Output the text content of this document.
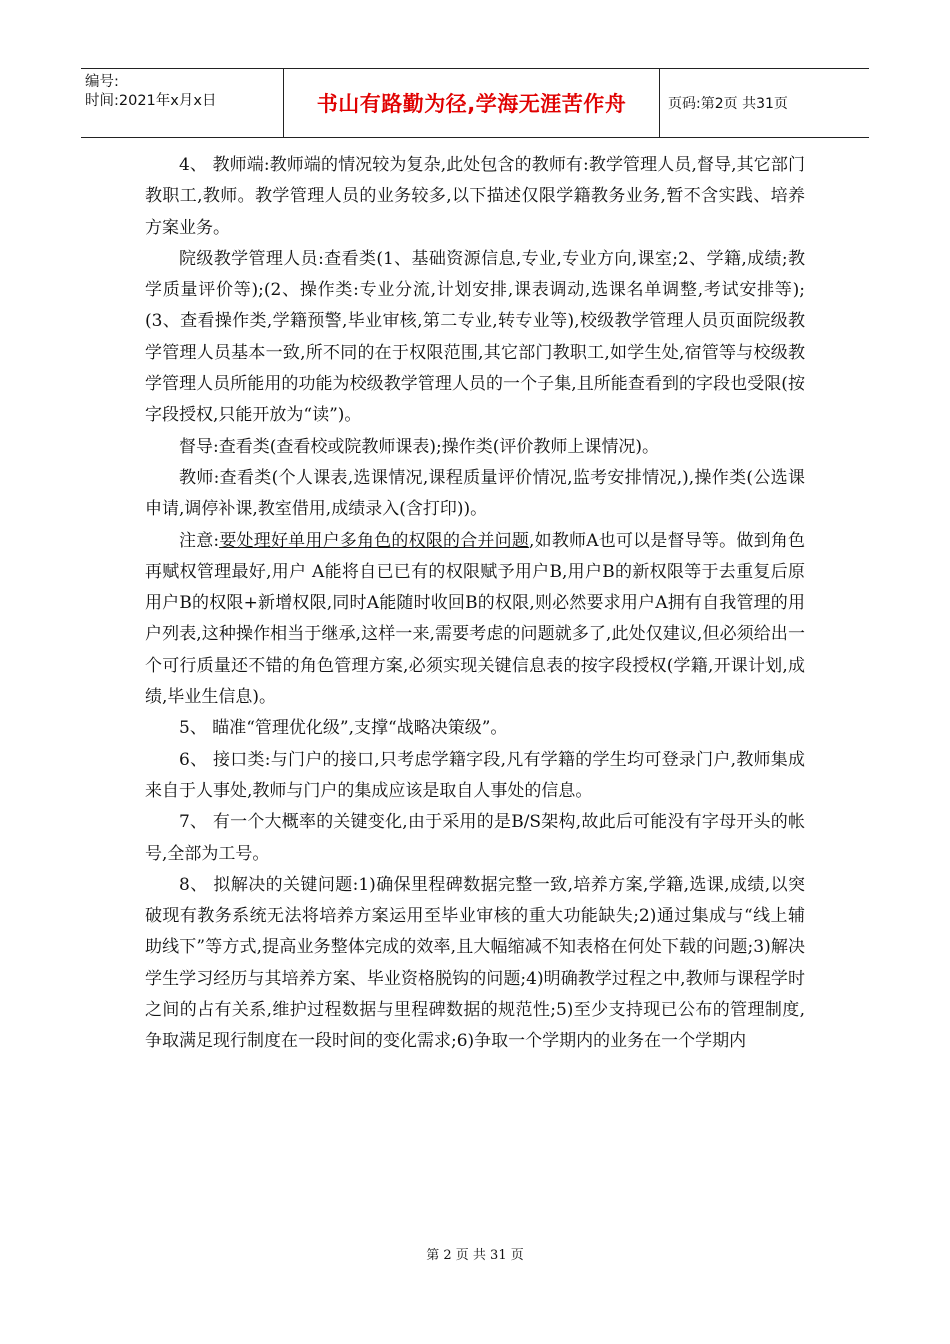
编号:
时间:2021年x月x日	书山有路勤为径,学海无涯苦作舟	页码:第2页 共31页

4、 教师端:教师端的情况较为复杂,此处包含的教师有:教学管理人员,督导,其它部门教职工,教师。教学管理人员的业务较多,以下描述仅限学籍教务业务,暂不含实践、培养方案业务。

院级教学管理人员:查看类(1、基础资源信息,专业,专业方向,课室;2、学籍,成绩;教学质量评价等);(2、操作类:专业分流,计划安排,课表调动,选课名单调整,考试安排等);(3、查看操作类,学籍预警,毕业审核,第二专业,转专业等),校级教学管理人员页面院级教学管理人员基本一致,所不同的在于权限范围,其它部门教职工,如学生处,宿管等与校级教学管理人员所能用的功能为校级教学管理人员的一个子集,且所能查看到的字段也受限(按字段授权,只能开放为“读”)。

督导:查看类(查看校或院教师课表);操作类(评价教师上课情况)。

教师:查看类(个人课表,选课情况,课程质量评价情况,监考安排情况,),操作类(公选课申请,调停补课,教室借用,成绩录入(含打印))。

注意:要处理好单用户多角色的权限的合并问题,如教师A也可以是督导等。做到角色再赋权管理最好,用户 A能将自已已有的权限赋予用户B,用户B的新权限等于去重复后原用户B的权限+新增权限,同时A能随时收回B的权限,则必然要求用户A拥有自我管理的用户列表,这种操作相当于继承,这样一来,需要考虑的问题就多了,此处仅建议,但必须给出一个可行质量还不错的角色管理方案,必须实现关键信息表的按字段授权(学籍,开课计划,成绩,毕业生信息)。

5、 瞄准“管理优化级”,支撑“战略决策级”。

6、 接口类:与门户的接口,只考虑学籍字段,凡有学籍的学生均可登录门户,教师集成来自于人事处,教师与门户的集成应该是取自人事处的信息。

7、 有一个大概率的关键变化,由于采用的是B/S架构,故此后可能没有字母开头的帐号,全部为工号。

8、 拟解决的关键问题:1)确保里程碑数据完整一致,培养方案,学籍,选课,成绩,以突破现有教务系统无法将培养方案运用至毕业审核的重大功能缺失;2)通过集成与“线上辅助线下”等方式,提高业务整体完成的效率,且大幅缩减不知表格在何处下载的问题;3)解决学生学习经历与其培养方案、毕业资格脱钩的问题;4)明确教学过程之中,教师与课程学时之间的占有关系,维护过程数据与里程碑数据的规范性;5)至少支持现已公布的管理制度,争取满足现行制度在一段时间的变化需求;6)争取一个学期内的业务在一个学期内

第 2 页 共 31 页
